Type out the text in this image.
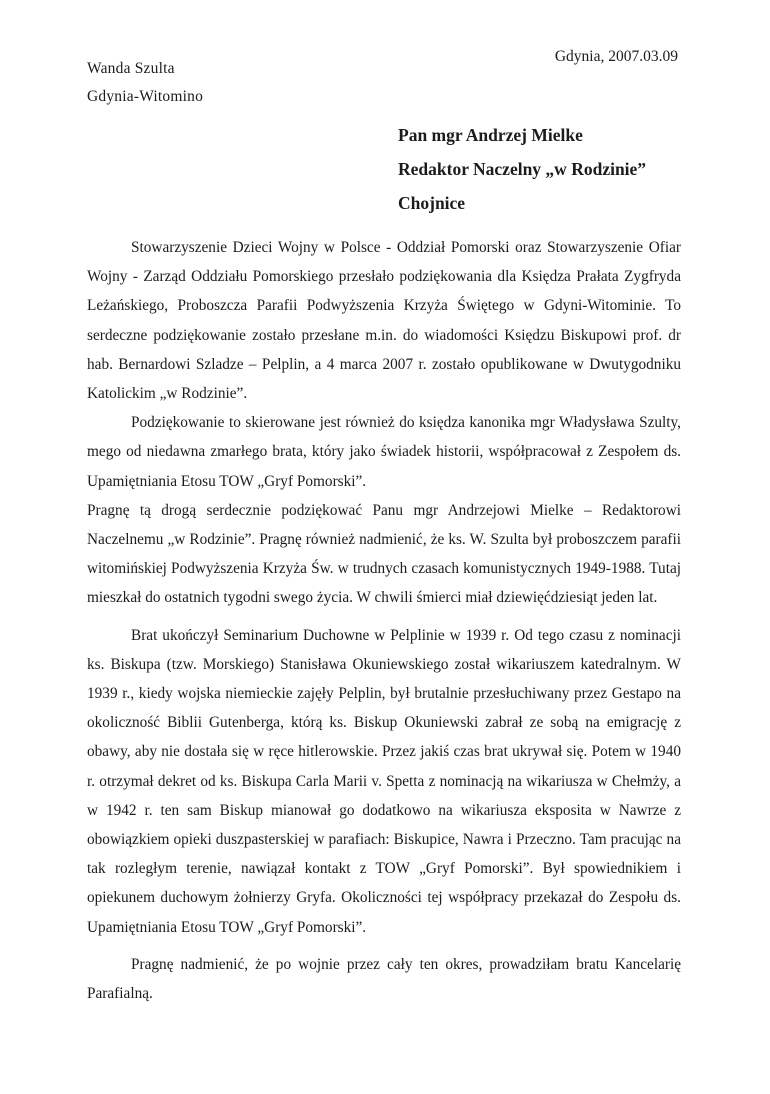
Wanda Szulta
Gdynia-Witomino
Gdynia, 2007.03.09
Pan mgr Andrzej Mielke
Redaktor Naczelny „w Rodzinie”
Chojnice

Stowarzyszenie Dzieci Wojny w Polsce - Oddział Pomorski oraz Stowarzyszenie Ofiar Wojny - Zarząd Oddziału Pomorskiego przesłało podziękowania dla Księdza Prałata Zygfryda Leżańskiego, Proboszcza Parafii Podwyższenia Krzyża Świętego w Gdyni-Witominie. To serdeczne podziękowanie zostało przesłane m.in. do wiadomości Księdzu Biskupowi prof. dr hab. Bernardowi Szladze – Pelplin, a 4 marca 2007 r. zostało opublikowane w Dwutygodniku Katolickim „w Rodzinie”.

Podziękowanie to skierowane jest również do księdza kanonika mgr Władysława Szulty, mego od niedawna zmarłego brata, który jako świadek historii, współpracował z Zespołem ds. Upamiętniania Etosu TOW „Gryf Pomorski”.

Pragnę tą drogą serdecznie podziękować Panu mgr Andrzejowi Mielke – Redaktorowi Naczelnemu „w Rodzinie”. Pragnę również nadmienić, że ks. W. Szulta był proboszczem parafii witomińskiej Podwyższenia Krzyża Św. w trudnych czasach komunistycznych 1949-1988. Tutaj mieszkał do ostatnich tygodni swego życia. W chwili śmierci miał dziewięćdziesiąt jeden lat.

Brat ukończył Seminarium Duchowne w Pelplinie w 1939 r. Od tego czasu z nominacji ks. Biskupa (tzw. Morskiego) Stanisława Okuniewskiego został wikariuszem katedralnym. W 1939 r., kiedy wojska niemieckie zajęły Pelplin, był brutalnie przesłuchiwany przez Gestapo na okoliczność Biblii Gutenberga, którą ks. Biskup Okuniewski zabrał ze sobą na emigrację z obawy, aby nie dostała się w ręce hitlerowskie. Przez jakiś czas brat ukrywał się. Potem w 1940 r. otrzymał dekret od ks. Biskupa Carla Marii v. Spetta z nominacją na wikariusza w Chełmży, a w 1942 r. ten sam Biskup mianował go dodatkowo na wikariusza eksposita w Nawrze z obowiązkiem opieki duszpasterskiej w parafiach: Biskupice, Nawra i Przeczno. Tam pracując na tak rozległym terenie, nawiązał kontakt z TOW „Gryf Pomorski”. Był spowiednikiem i opiekunem duchowym żołnierzy Gryfa. Okoliczności tej współpracy przekazał do Zespołu ds. Upamiętniania Etosu TOW „Gryf Pomorski”.

Pragnę nadmienić, że po wojnie przez cały ten okres, prowadziłam bratu Kancelarię Parafialną.
